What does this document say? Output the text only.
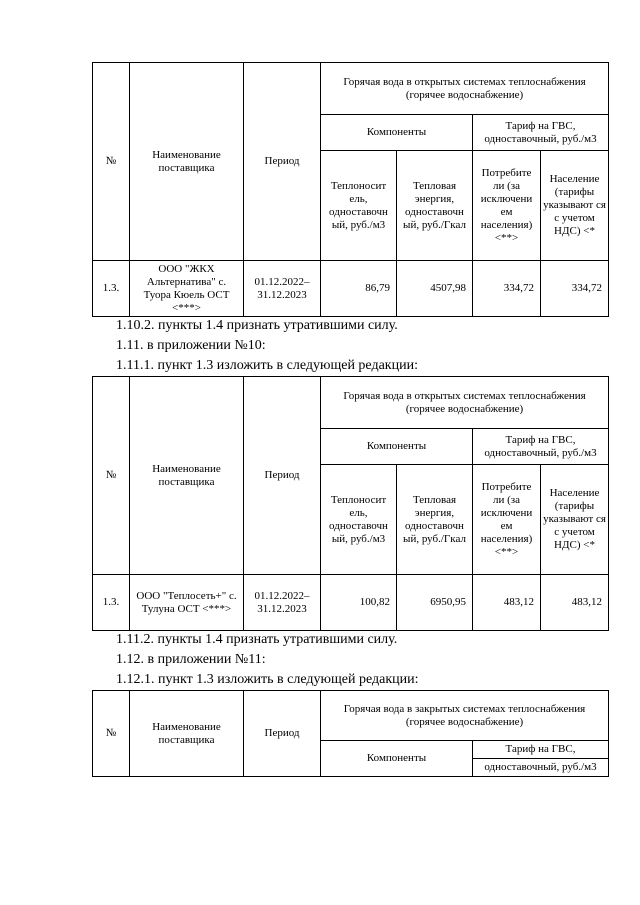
№	Наименование поставщика	Период	Горячая вода в открытых системах теплоснабжения (горячее водоснабжение)			
			Компоненты		Тариф на ГВС,
одноставочный, руб./м3	
			Теплоносит ель, одноставочн ый, руб./м3	Тепловая энергия, одноставочн ый, руб./Гкал	Потребите ли (за исключени ем населения) <**>	Население (тарифы указывают ся с учетом НДС) <*
1.3.	ООО "ЖКХ Альтернатива" с. Туора Кюель ОСТ <***>	01.12.2022– 31.12.2023	86,79	4507,98	334,72	334,72
1.10.2. пункты 1.4 признать утратившими силу.
1.11. в приложении №10:
1.11.1. пункт 1.3 изложить в следующей редакции:
№	Наименование поставщика	Период	Горячая вода в открытых системах теплоснабжения (горячее водоснабжение)			
			Компоненты		Тариф на ГВС,
одноставочный, руб./м3	
			Теплоносит ель, одноставочн ый, руб./м3	Тепловая энергия, одноставочн ый, руб./Гкал	Потребите ли (за исключени ем населения) <**>	Население (тарифы указывают ся с учетом НДС) <*
1.3.	ООО "Теплосеть+" с. Тулуна ОСТ <***>	01.12.2022– 31.12.2023	100,82	6950,95	483,12	483,12
1.11.2. пункты 1.4 признать утратившими силу.
1.12. в приложении №11:
1.12.1. пункт 1.3 изложить в следующей редакции:
№	Наименование поставщика	Период	Горячая вода в закрытых системах теплоснабжения (горячее водоснабжение)	
			Компоненты	Тариф на ГВС,
				одноставочный, руб./м3
